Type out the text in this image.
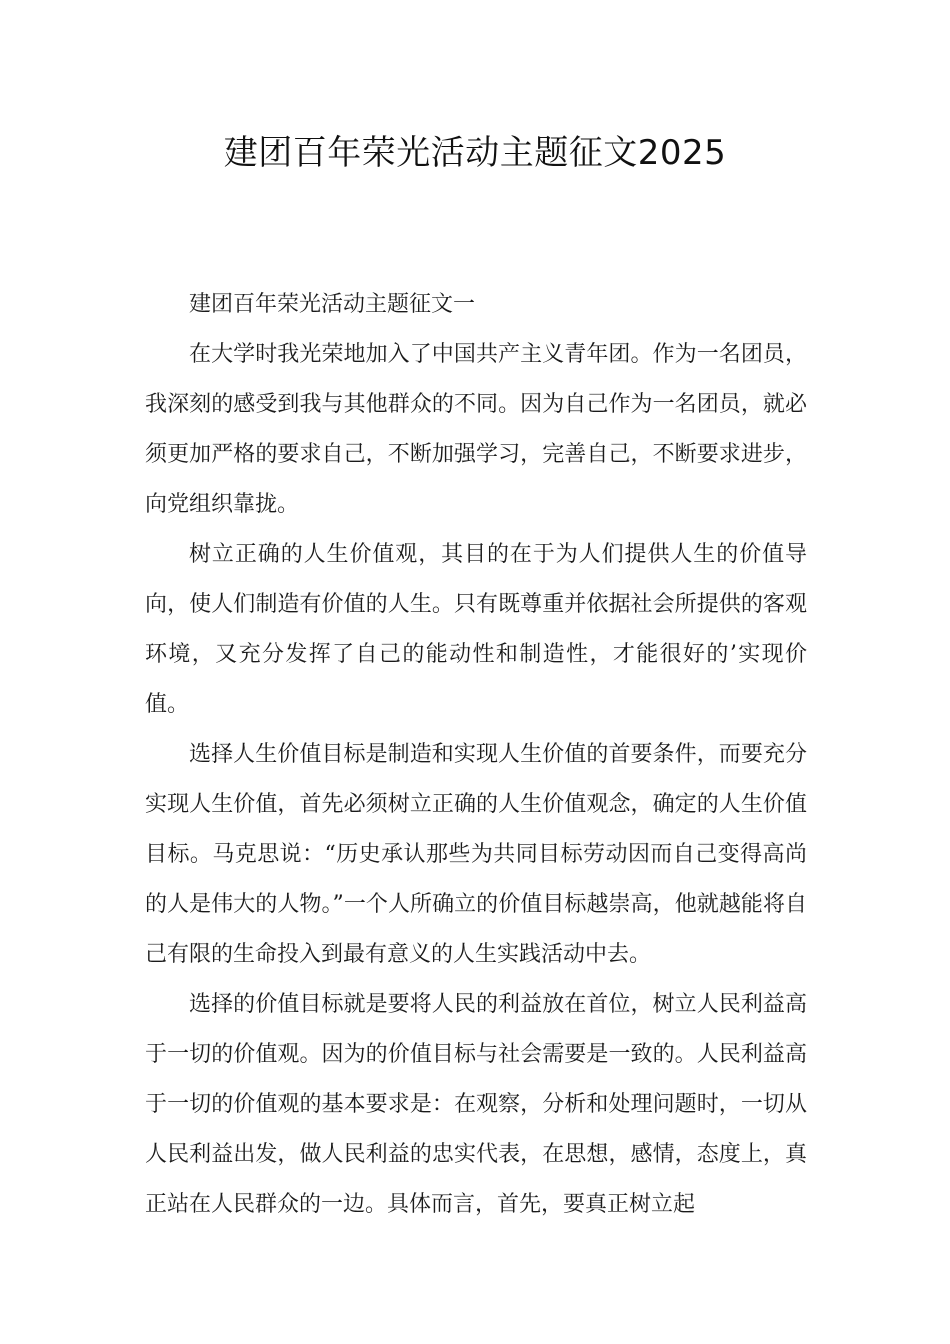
建团百年荣光活动主题征文2025

建团百年荣光活动主题征文一

在大学时我光荣地加入了中国共产主义青年团。作为一名团员，我深刻的感受到我与其他群众的不同。因为自己作为一名团员，就必须更加严格的要求自己，不断加强学习，完善自己，不断要求进步，向党组织靠拢。

树立正确的人生价值观，其目的在于为人们提供人生的价值导向，使人们制造有价值的人生。只有既尊重并依据社会所提供的客观环境，又充分发挥了自己的能动性和制造性，才能很好的’实现价值。

选择人生价值目标是制造和实现人生价值的首要条件，而要充分实现人生价值，首先必须树立正确的人生价值观念，确定的人生价值目标。马克思说：“历史承认那些为共同目标劳动因而自己变得高尚的人是伟大的人物。”一个人所确立的价值目标越崇高，他就越能将自己有限的生命投入到最有意义的人生实践活动中去。

选择的价值目标就是要将人民的利益放在首位，树立人民利益高于一切的价值观。因为的价值目标与社会需要是一致的。人民利益高于一切的价值观的基本要求是：在观察，分析和处理问题时，一切从人民利益出发，做人民利益的忠实代表，在思想，感情，态度上，真正站在人民群众的一边。具体而言，首先，要真正树立起
